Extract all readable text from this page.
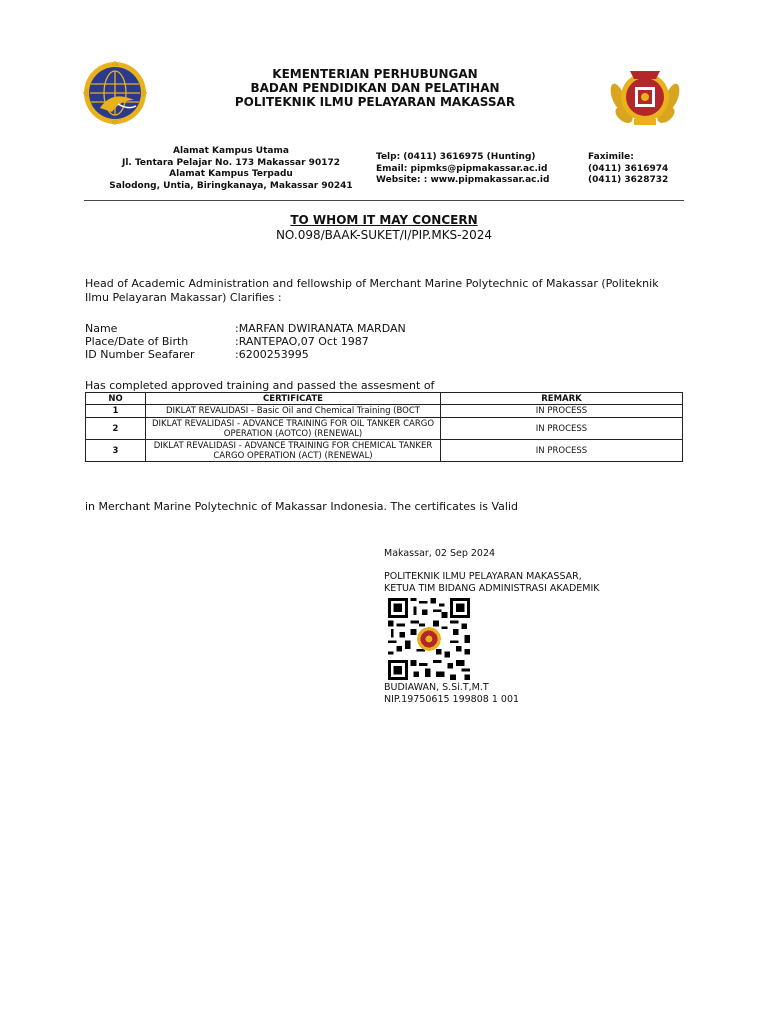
KEMENTERIAN PERHUBUNGAN
BADAN PENDIDIKAN DAN PELATIHAN
POLITEKNIK ILMU PELAYARAN MAKASSAR
Alamat Kampus Utama
Jl. Tentara Pelajar No. 173 Makassar 90172
Alamat Kampus Terpadu
Salodong, Untia, Biringkanaya, Makassar 90241
Telp: (0411) 3616975 (Hunting)
Email: pipmks@pipmakassar.ac.id
Website: : www.pipmakassar.ac.id
Faximile:
(0411) 3616974
(0411) 3628732
TO WHOM IT MAY CONCERN
NO.098/BAAK-SUKET/I/PIP.MKS-2024
Head of Academic Administration and fellowship of Merchant Marine Polytechnic of Makassar (Politeknik Ilmu Pelayaran Makassar) Clarifies :
Name	:MARFAN DWIRANATA MARDAN
Place/Date of Birth	:RANTEPAO,07 Oct 1987
ID Number Seafarer	:6200253995
Has completed approved training and passed the assesment of
NO	CERTIFICATE	REMARK
1	DIKLAT REVALIDASI - Basic Oil and Chemical Training (BOCT	IN PROCESS
2	DIKLAT REVALIDASI - ADVANCE TRAINING FOR OIL TANKER CARGO OPERATION (AOTCO) (RENEWAL)	IN PROCESS
3	DIKLAT REVALIDASI - ADVANCE TRAINING FOR CHEMICAL TANKER CARGO OPERATION (ACT) (RENEWAL)	IN PROCESS
in Merchant Marine Polytechnic of Makassar Indonesia. The certificates is Valid
Makassar, 02 Sep 2024
POLITEKNIK ILMU PELAYARAN MAKASSAR,
KETUA TIM BIDANG ADMINISTRASI AKADEMIK
BUDIAWAN, S.Si.T,M.T
NIP.19750615 199808 1 001
